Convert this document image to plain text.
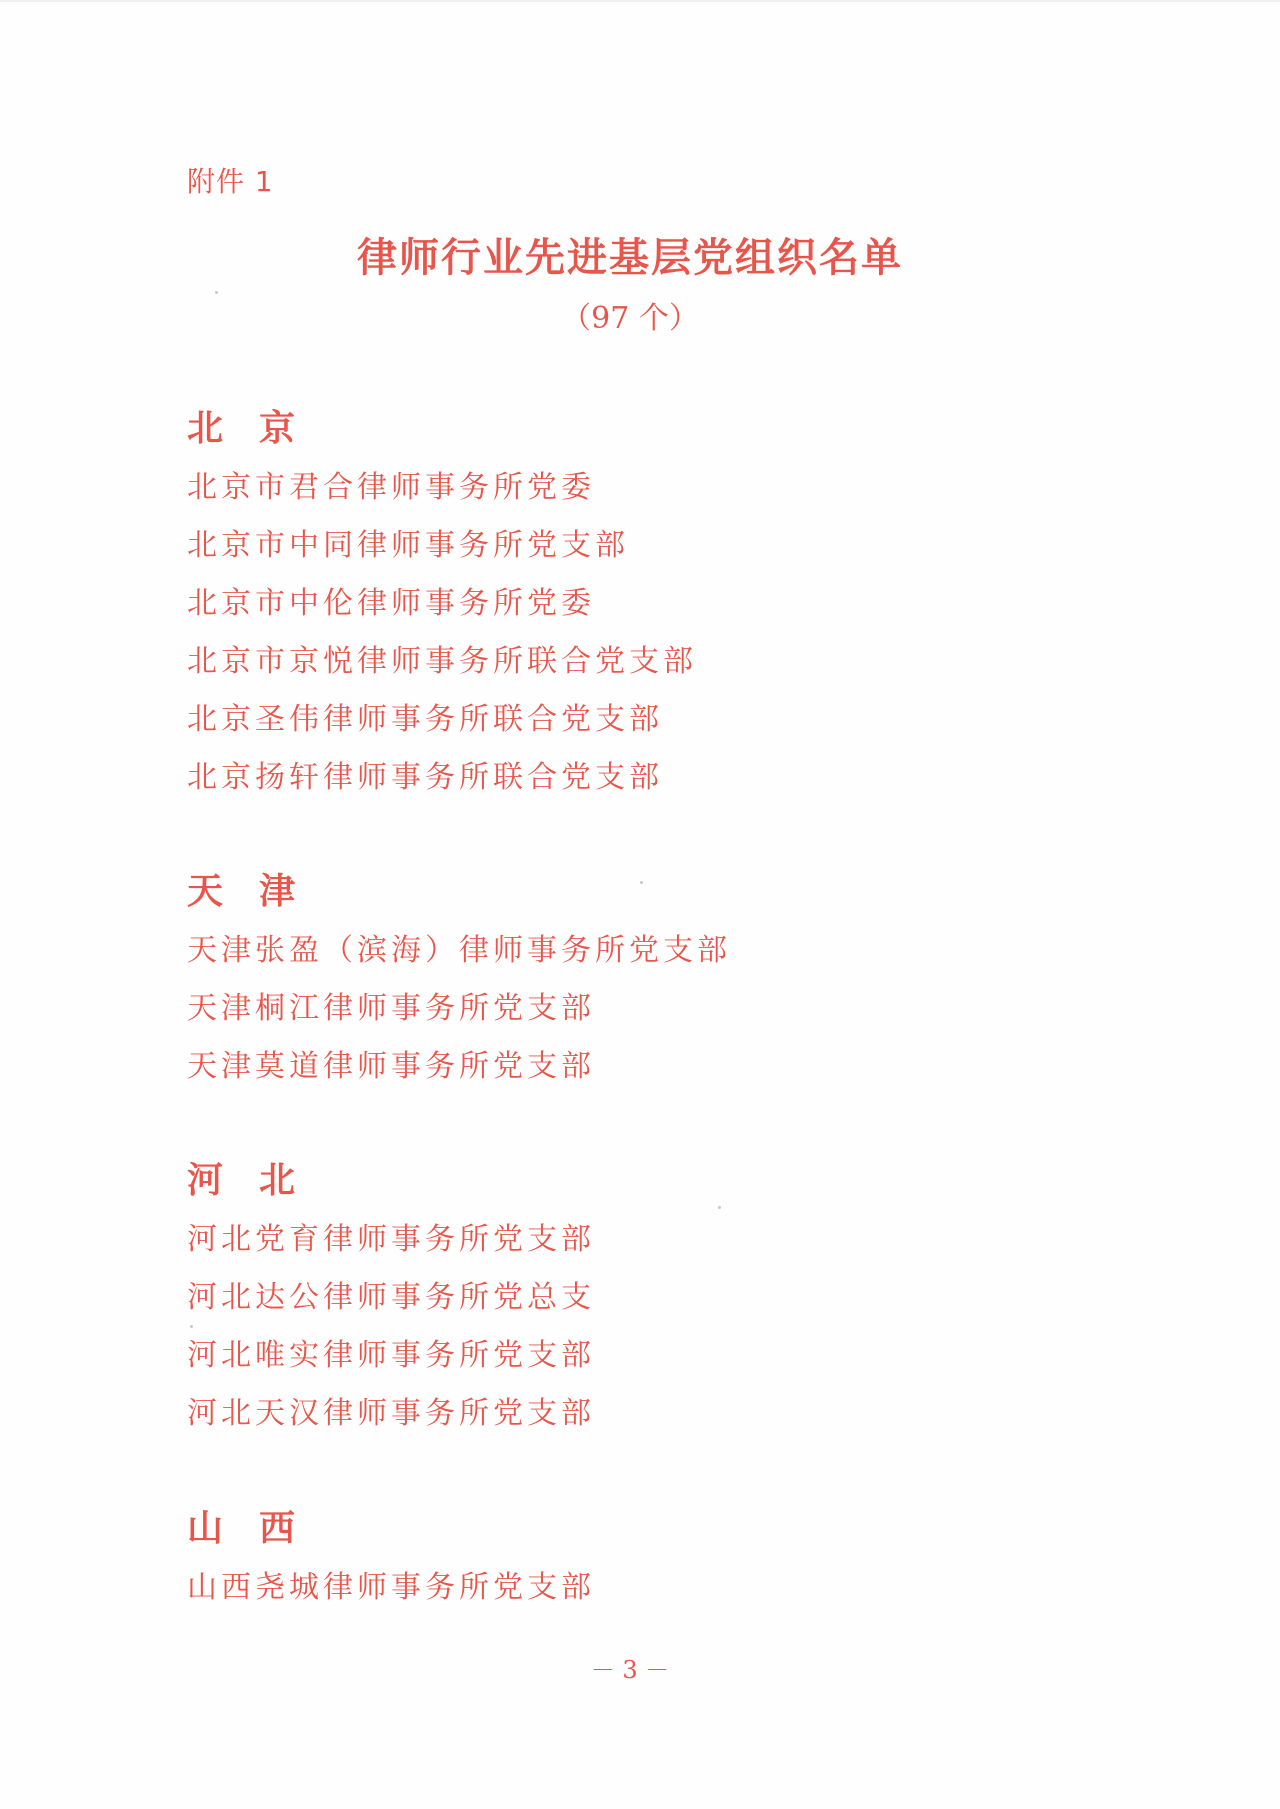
附件 1
律师行业先进基层党组织名单
（97 个）
北京
北京市君合律师事务所党委
北京市中同律师事务所党支部
北京市中伦律师事务所党委
北京市京悦律师事务所联合党支部
北京圣伟律师事务所联合党支部
北京扬轩律师事务所联合党支部
天津
天津张盈（滨海）律师事务所党支部
天津桐江律师事务所党支部
天津莫道律师事务所党支部
河北
河北党育律师事务所党支部
河北达公律师事务所党总支
河北唯实律师事务所党支部
河北天汉律师事务所党支部
山西
山西尧城律师事务所党支部
－ 3 －
